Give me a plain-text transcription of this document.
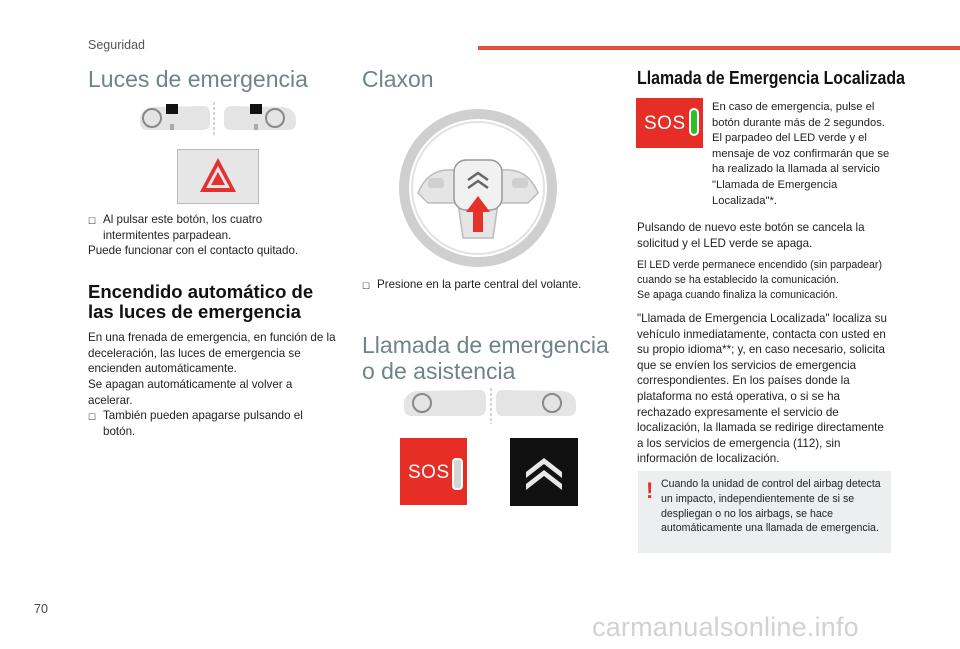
Seguridad
Luces de emergencia
☐ Al pulsar este botón, los cuatro intermitentes parpadean.
Puede funcionar con el contacto quitado.
Encendido automático de las luces de emergencia
En una frenada de emergencia, en función de la deceleración, las luces de emergencia se encienden automáticamente.
Se apagan automáticamente al volver a acelerar.
☐ También pueden apagarse pulsando el botón.
Claxon
☐ Presione en la parte central del volante.
Llamada de emergencia o de asistencia
SOS
Llamada de Emergencia Localizada
SOS
En caso de emergencia, pulse el botón durante más de 2 segundos. El parpadeo del LED verde y el mensaje de voz confirmarán que se ha realizado la llamada al servicio "Llamada de Emergencia Localizada"*.
Pulsando de nuevo este botón se cancela la solicitud y el LED verde se apaga.
El LED verde permanece encendido (sin parpadear) cuando se ha establecido la comunicación.
Se apaga cuando finaliza la comunicación.
"Llamada de Emergencia Localizada" localiza su vehículo inmediatamente, contacta con usted en su propio idioma**; y, en caso necesario, solicita que se envíen los servicios de emergencia correspondientes. En los países donde la plataforma no está operativa, o si se ha rechazado expresamente el servicio de localización, la llamada se redirige directamente a los servicios de emergencia (112), sin información de localización.
! Cuando la unidad de control del airbag detecta un impacto, independientemente de si se despliegan o no los airbags, se hace automáticamente una llamada de emergencia.
70
carmanualsonline.info
